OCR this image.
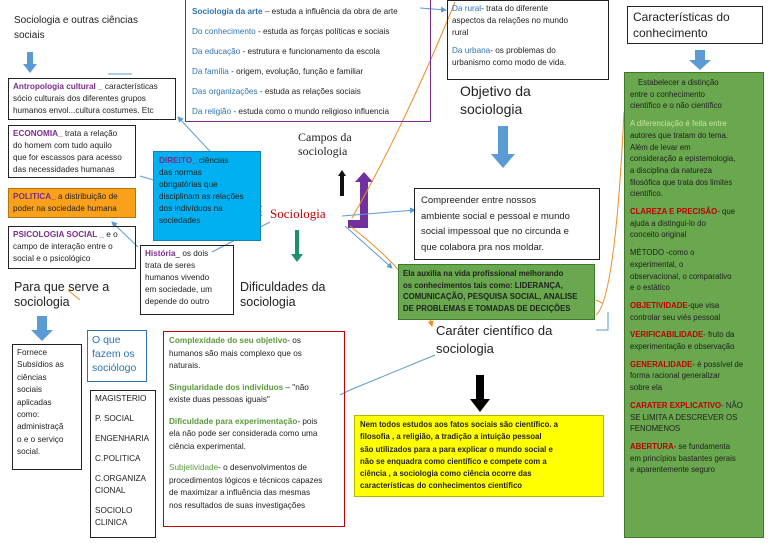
Sociologia e outras ciências sociais
Antropologia cultural _ características
sócio culturais dos diferentes grupos
humanos envol...cultura costumes. Etc
ECONOMIA_ trata a relação
do homem com tudo aquilo
que for escassos para acesso
das necessidades humanas
POLITICA_ a distribuição de
poder na sociedade humana
PSICOLOGIA SOCIAL _ e o
campo de interação entre o
social e o psicológico
DIREITO_ ciências
das normas
obrigatórias que
disciplinam as relações
dos indivíduos na
sociedades
História_ os dois
trata de seres
humanos vivendo
em sociedade, um
depende do outro
Sociologia da arte – estuda a influência da obra de arte
Do conhecimento - estuda as forças políticas e sociais
Da educação - estrutura e funcionamento da escola
Da família - origem, evolução, função e familiar
Das organizações - estuda as relações sociais
Da religião - estuda como o mundo religioso influencia
Da rural- trata do diferente
aspectos da relações no mundo
rural
Da urbana- os problemas do
urbanismo como modo de vida.
Sociologia
Campos da sociologia
Objetivo da sociologia
Compreender entre nossos
ambiente social e pessoal e mundo
social impessoal que no circunda e
que colabora pra nos moldar.
Ela auxilia na vida profissional melhorando
os conhecimentos tais como: LIDERANÇA,
COMUNICAÇÃO, PESQUISA SOCIAL, ANALISE
DE PROBLEMAS E TOMADAS DE DECIÇÕES
Para que serve a sociologia
Fornece
Subsídios as
ciências
sociais
aplicadas
como:
administraçã
o e o serviço
social.
O que fazem os sociólogo
MAGISTERIO
P. SOCIAL
ENGENHARIA
C.POLITICA
C.ORGANIZA CIONAL
SOCIOLO CLINICA
Dificuldades da sociologia
Complexidade do seu objetivo- os
humanos são mais complexo que os
naturais.
Singularidade dos indivíduos – "não
existe duas pessoas iguais"
Dificuldade para experimentação- pois
ela não pode ser considerada como uma
ciência experimental.
Subjetividade- o desenvolvimentos de
procedimentos lógicos e técnicos capazes
de maximizar a influência das mesmas
nos resultados de suas investigações
Caráter científico da sociologia
Nem todos estudos aos fatos sociais são científico. a
filosofia , a religião, a tradição a intuição pessoal
são utilizados para a para explicar o mundo social e
não se enquadra como científico e compete com a
ciência , a sociologia como ciência ocorre das
características do conhecimentos científico
Características do conhecimento
Estabelecer a distinção
entre o conhecimento
científico e o não científico
A diferenciação é feita entre
autores que tratam do tema.
Além de levar em
consideração a epistemologia,
a disciplina da natureza
filosófica que trata dos limites
científico.
CLAREZA E PRECISÃO- que
ajuda a distingui-lo do
conceito original
MÉTODO -como o
experimental, o
observacional, o comparativo
e o estático
OBJETIVIDADE-que visa
controlar seu viés pessoal
VERIFICABILIDADE- fruto da
experimentação e observação
GENERALIDADE- é possível de
forma racional generalizar
sobre ela
CARATER EXPLICATIVO- NÃO
SE LIMITA A DESCREVER OS
FENOMENOS
ABERTURA- se fundamenta
em princípios bastantes gerais
e aparentemente seguro
